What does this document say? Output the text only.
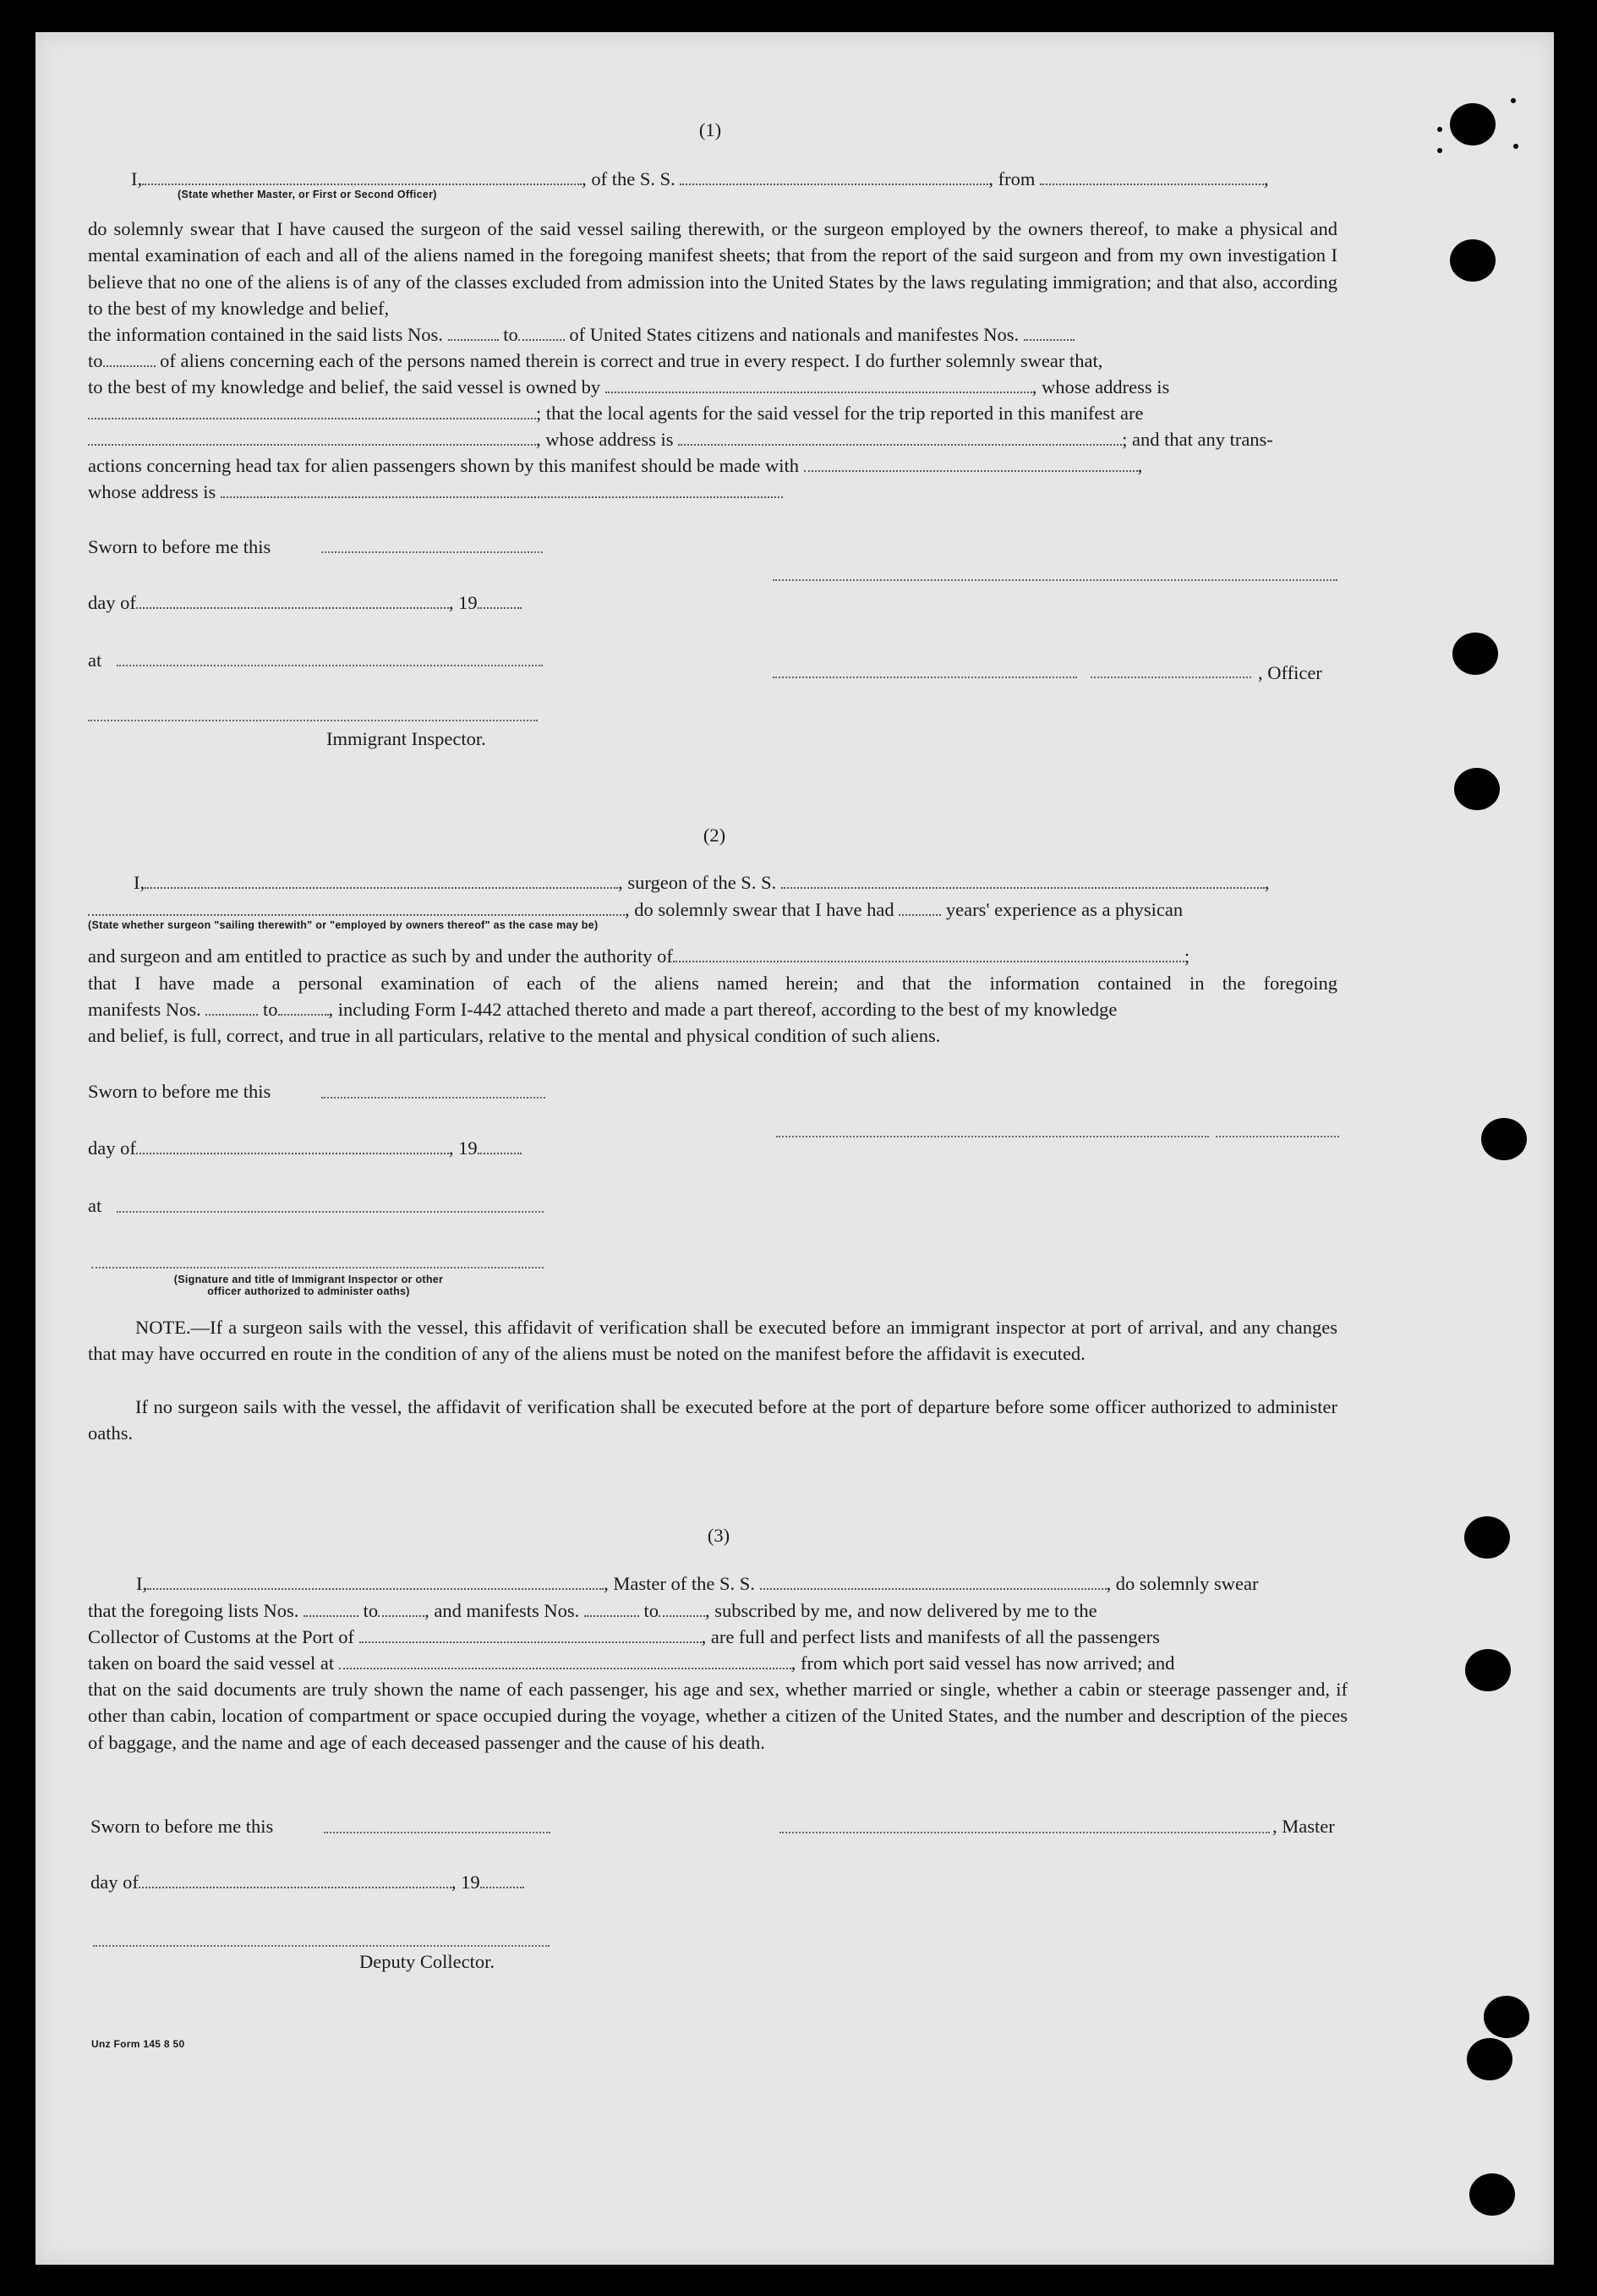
(1)
I,	, of the S. S.	, from	,
(State whether Master, or First or Second Officer)
do solemnly swear that I have caused the surgeon of the said vessel sailing therewith, or the surgeon employed by the owners thereof, to make a physical and mental examination of each and all of the aliens named in the foregoing manifest sheets; that from the report of the said surgeon and from my own investigation I believe that no one of the aliens is of any of the classes excluded from admission into the United States by the laws regulating immigration; and that also, according to the best of my knowledge and belief,
the information contained in the said lists Nos.	to	of United States citizens and nationals and manifestes Nos.
to	of aliens concerning each of the persons named therein is correct and true in every respect. I do further solemnly swear that,
to the best of my knowledge and belief, the said vessel is owned by	, whose address is
; that the local agents for the said vessel for the trip reported in this manifest are
, whose address is	; and that any trans-
actions concerning head tax for alien passengers shown by this manifest should be made with	,
whose address is
Sworn to before me this
day of	, 19
at
, Officer
Immigrant Inspector.
(2)
I,	, surgeon of the S. S.	,
, do solemnly swear that I have had	years' experience as a physican
(State whether surgeon "sailing therewith" or "employed by owners thereof" as the case may be)
and surgeon and am entitled to practice as such by and under the authority of	;
that I have made a personal examination of each of the aliens named herein; and that the information contained in the foregoing
manifests Nos.	to	, including Form I-442 attached thereto and made a part thereof, according to the best of my knowledge
and belief, is full, correct, and true in all particulars, relative to the mental and physical condition of such aliens.
Sworn to before me this
day of	, 19
at
(Signature and title of Immigrant Inspector or other
officer authorized to administer oaths)
NOTE.—If a surgeon sails with the vessel, this affidavit of verification shall be executed before an immigrant inspector at port of arrival, and any changes that may have occurred en route in the condition of any of the aliens must be noted on the manifest before the affidavit is executed.
If no surgeon sails with the vessel, the affidavit of verification shall be executed before at the port of departure before some officer authorized to administer oaths.
(3)
I,	, Master of the S. S.	, do solemnly swear
that the foregoing lists Nos.	to , and manifests Nos.	to , subscribed by me, and now delivered by me to the
Collector of Customs at the Port of	, are full and perfect lists and manifests of all the passengers
taken on board the said vessel at	, from which port said vessel has now arrived; and
that on the said documents are truly shown the name of each passenger, his age and sex, whether married or single, whether a cabin or steerage passenger and, if other than cabin, location of compartment or space occupied during the voyage, whether a citizen of the United States, and the number and description of the pieces of baggage, and the name and age of each deceased passenger and the cause of his death.
Sworn to before me this	, Master
day of	, 19
Deputy Collector.
Unz Form 145 8 50
